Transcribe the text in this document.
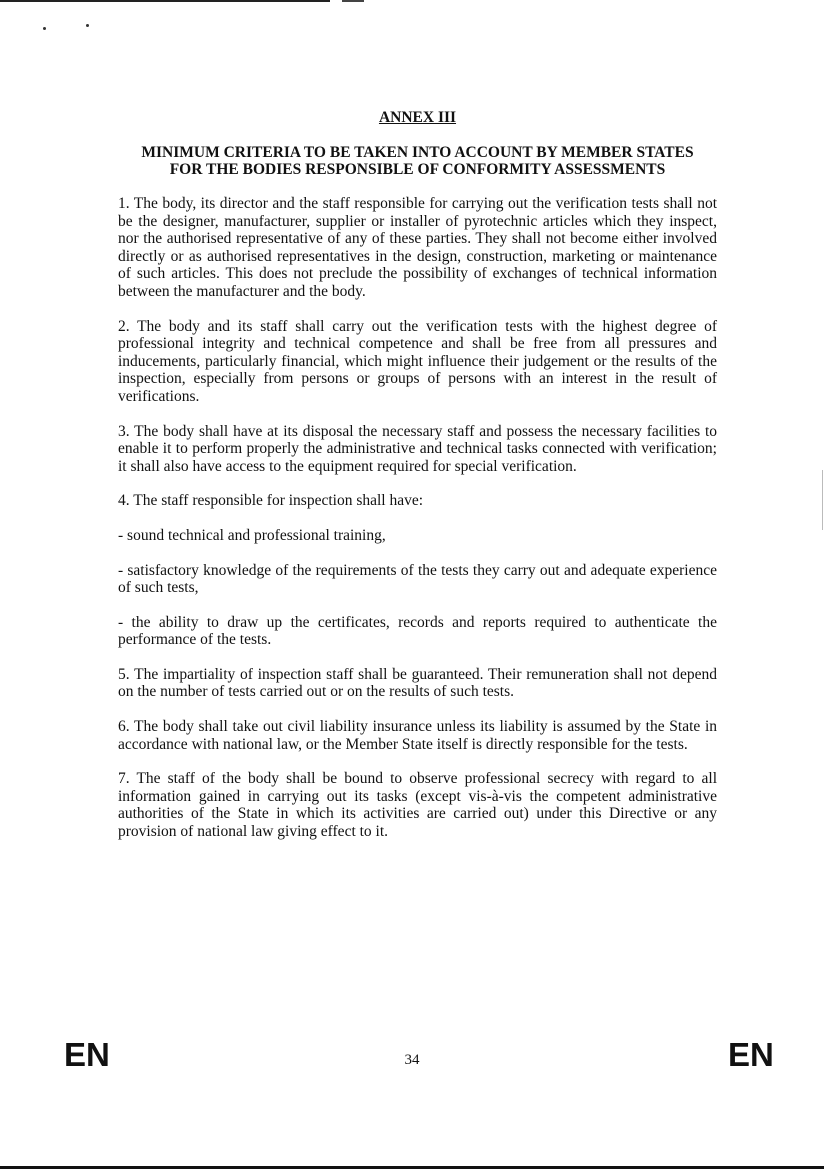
ANNEX III
MINIMUM CRITERIA TO BE TAKEN INTO ACCOUNT BY MEMBER STATES
FOR THE BODIES RESPONSIBLE OF CONFORMITY ASSESSMENTS

1. The body, its director and the staff responsible for carrying out the verification tests shall not be the designer, manufacturer, supplier or installer of pyrotechnic articles which they inspect, nor the authorised representative of any of these parties. They shall not become either involved directly or as authorised representatives in the design, construction, marketing or maintenance of such articles. This does not preclude the possibility of exchanges of technical information between the manufacturer and the body.

2. The body and its staff shall carry out the verification tests with the highest degree of professional integrity and technical competence and shall be free from all pressures and inducements, particularly financial, which might influence their judgement or the results of the inspection, especially from persons or groups of persons with an interest in the result of verifications.

3. The body shall have at its disposal the necessary staff and possess the necessary facilities to enable it to perform properly the administrative and technical tasks connected with verification; it shall also have access to the equipment required for special verification.

4. The staff responsible for inspection shall have:

- sound technical and professional training,

- satisfactory knowledge of the requirements of the tests they carry out and adequate experience of such tests,

- the ability to draw up the certificates, records and reports required to authenticate the performance of the tests.

5. The impartiality of inspection staff shall be guaranteed. Their remuneration shall not depend on the number of tests carried out or on the results of such tests.

6. The body shall take out civil liability insurance unless its liability is assumed by the State in accordance with national law, or the Member State itself is directly responsible for the tests.

7. The staff of the body shall be bound to observe professional secrecy with regard to all information gained in carrying out its tasks (except vis-à-vis the competent administrative authorities of the State in which its activities are carried out) under this Directive or any provision of national law giving effect to it.

EN	34	EN
